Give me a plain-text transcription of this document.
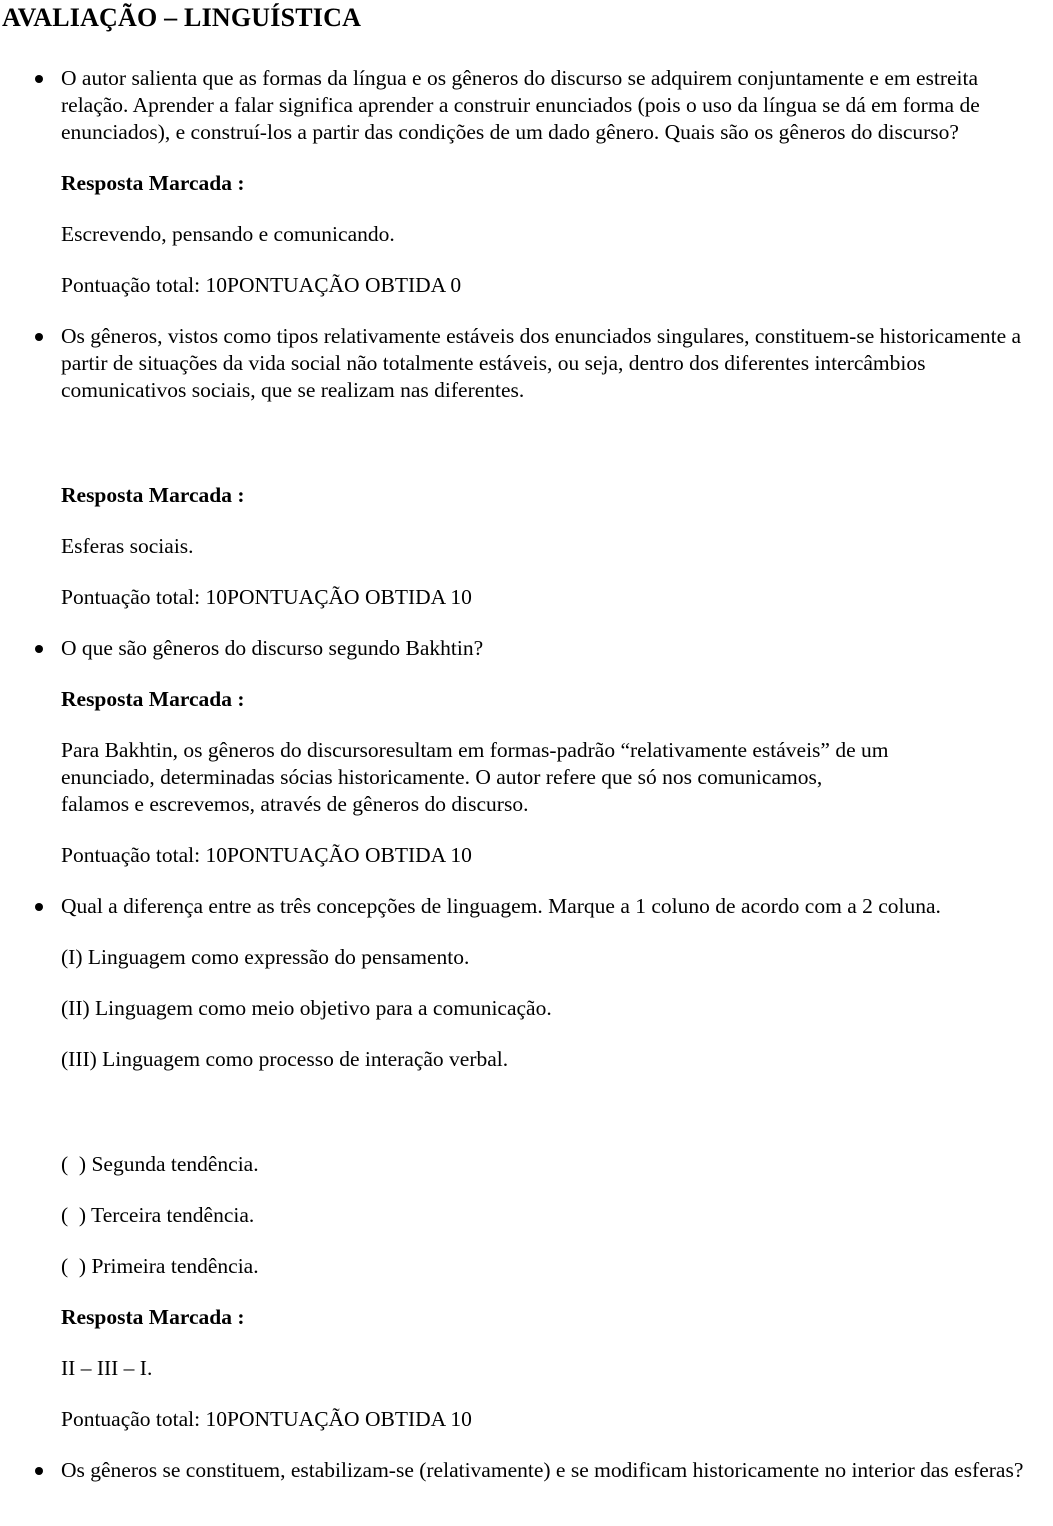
AVALIAÇÃO – LINGUÍSTICA

O autor salienta que as formas da língua e os gêneros do discurso se adquirem conjuntamente e em estreita relação. Aprender a falar significa aprender a construir enunciados (pois o uso da língua se dá em forma de enunciados), e construí-los a partir das condições de um dado gênero. Quais são os gêneros do discurso?

Resposta Marcada :

Escrevendo, pensando e comunicando.

Pontuação total: 10PONTUAÇÃO OBTIDA 0

Os gêneros, vistos como tipos relativamente estáveis dos enunciados singulares, constituem-se historicamente a partir de situações da vida social não totalmente estáveis, ou seja, dentro dos diferentes intercâmbios comunicativos sociais, que se realizam nas diferentes.

Resposta Marcada :

Esferas sociais.

Pontuação total: 10PONTUAÇÃO OBTIDA 10

O que são gêneros do discurso segundo Bakhtin?

Resposta Marcada :

Para Bakhtin, os gêneros do discursoresultam em formas-padrão “relativamente estáveis” de um
enunciado, determinadas sócias historicamente. O autor refere que só nos comunicamos,
falamos e escrevemos, através de gêneros do discurso.

Pontuação total: 10PONTUAÇÃO OBTIDA 10

Qual a diferença entre as três concepções de linguagem. Marque a 1 coluno de acordo com a 2 coluna.

(I) Linguagem como expressão do pensamento.

(II) Linguagem como meio objetivo para a comunicação.

(III) Linguagem como processo de interação verbal.

(  ) Segunda tendência.

(  ) Terceira tendência.

(  ) Primeira tendência.

Resposta Marcada :

II – III – I.

Pontuação total: 10PONTUAÇÃO OBTIDA 10

Os gêneros se constituem, estabilizam-se (relativamente) e se modificam historicamente no interior das esferas?
